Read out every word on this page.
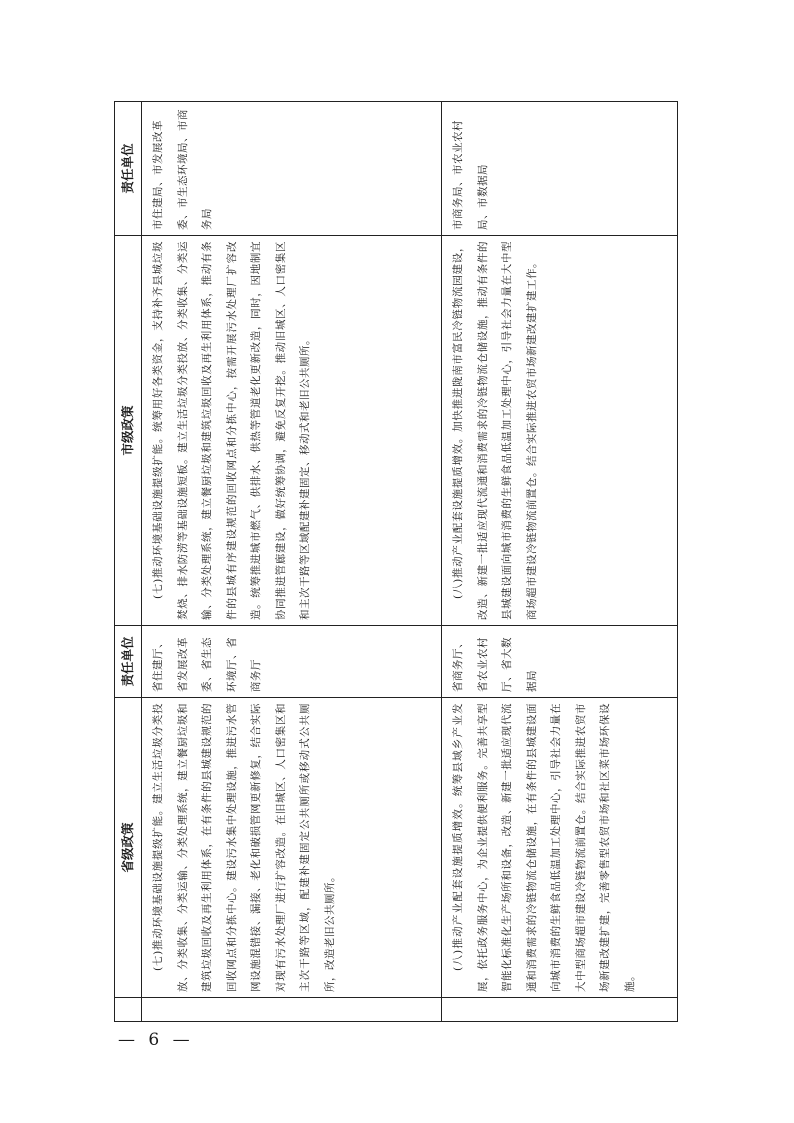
	省级政策	责任单位	市级政策	责任单位

	(七)推动环境基础设施提级扩能。建立生活垃圾分类投放、分类收集、分类运输、分类处理系统，建立餐厨垃圾和建筑垃圾回收及再生利用体系，在有条件的县城建设规范的回收网点和分拣中心。建设污水集中处理设施，推进污水管网设施混错接、漏接、老化和破损管网更新修复，结合实际对现有污水处理厂进行扩容改造。在旧城区、人口密集区和主次干路等区域，配建补建固定公共厕所或移动式公共厕所，改造老旧公共厕所。	省住建厅、省发展改革委、省生态环境厅、省商务厅	(七)推动环境基础设施提级扩能。统筹用好各类资金，支持补齐县城垃圾焚烧、排水防涝等基础设施短板。建立生活垃圾分类投放、分类收集、分类运输、分类处理系统，建立餐厨垃圾和建筑垃圾回收及再生利用体系，推动有条件的县城有序建设规范的回收网点和分拣中心，按需开展污水处理厂扩容改造。统筹推进城市燃气、供排水、供热等管道老化更新改造，同时，因地制宜协同推进管廊建设，做好统筹协调，避免反复开挖。推动旧城区、人口密集区和主次干路等区域配建补建固定、移动式和老旧公共厕所。	市住建局、市发展改革委、市生态环境局、市商务局

	(八)推动产业配套设施提质增效。统筹县域乡产业发展，依托政务服务中心，为企业提供便利服务。完善共享型智能化标准化生产场所和设备，改造、新建一批适应现代流通和消费需求的冷链物流仓储设施，在有条件的县城建设面向城市消费的生鲜食品低温加工处理中心，引导社会力量在大中型商场超市建设冷链物流前置仓。结合实际推进农贸市场新建改建扩建，完善零售型农贸市场和社区菜市场环保设施。	省商务厅、省农业农村厅、省大数据局	(八)推动产业配套设施提质增效。加快推进陇南市富民冷链物流园建设，改造、新建一批适应现代流通和消费需求的冷链物流仓储设施，推动有条件的县城建设面向城市消费的生鲜食品低温加工处理中心，引导社会力量在大中型商场超市建设冷链物流前置仓。结合实际推进农贸市场新建改建扩建工作。	市商务局、市农业农村局、市数据局

— 6 —
